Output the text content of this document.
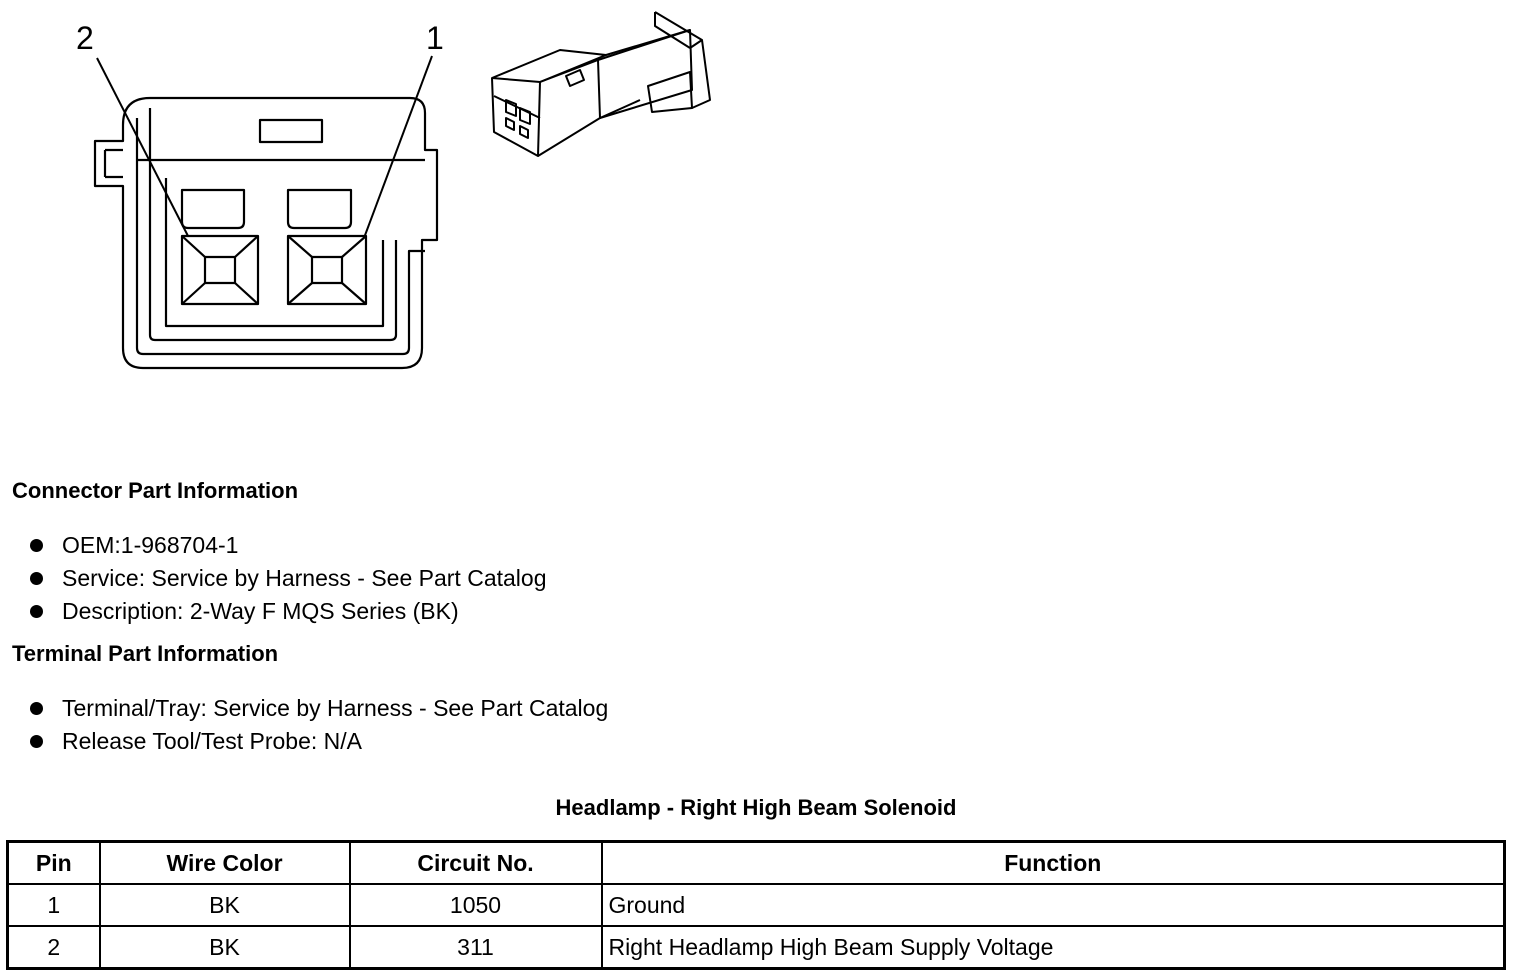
2	1
Connector Part Information
OEM:1-968704-1
Service: Service by Harness - See Part Catalog
Description: 2-Way F MQS Series (BK)
Terminal Part Information
Terminal/Tray: Service by Harness - See Part Catalog
Release Tool/Test Probe: N/A
Headlamp - Right High Beam Solenoid
Pin	Wire Color	Circuit No.	Function
1	BK	1050	Ground
2	BK	311	Right Headlamp High Beam Supply Voltage
